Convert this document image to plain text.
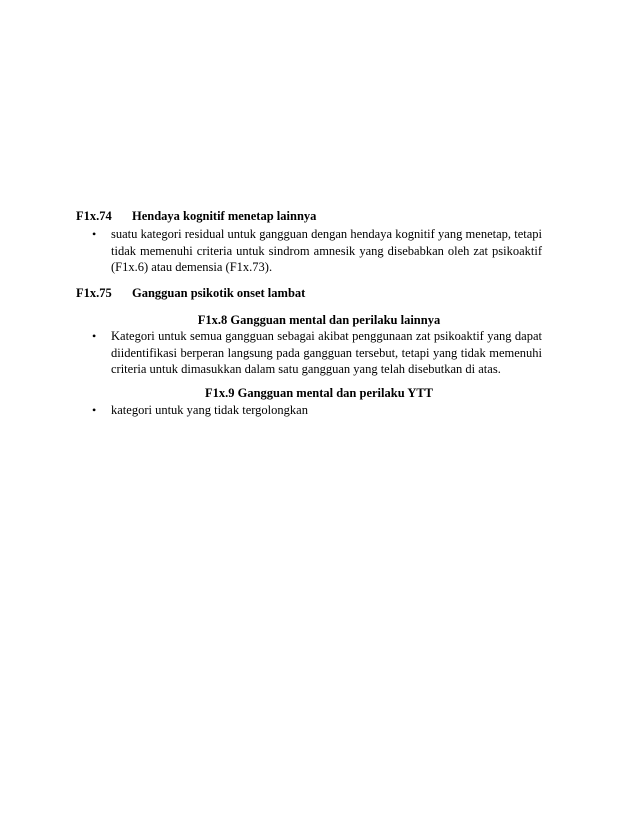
F1x.74 Hendaya kognitif menetap lainnya
• suatu kategori residual untuk gangguan dengan hendaya kognitif yang menetap, tetapi tidak memenuhi criteria untuk sindrom amnesik yang disebabkan oleh zat psikoaktif (F1x.6) atau demensia (F1x.73).
F1x.75 Gangguan psikotik onset lambat
F1x.8 Gangguan mental dan perilaku lainnya
• Kategori untuk semua gangguan sebagai akibat penggunaan zat psikoaktif yang dapat diidentifikasi berperan langsung pada gangguan tersebut, tetapi yang tidak memenuhi criteria untuk dimasukkan dalam satu gangguan yang telah disebutkan di atas.
F1x.9 Gangguan mental dan perilaku YTT
• kategori untuk yang tidak tergolongkan
